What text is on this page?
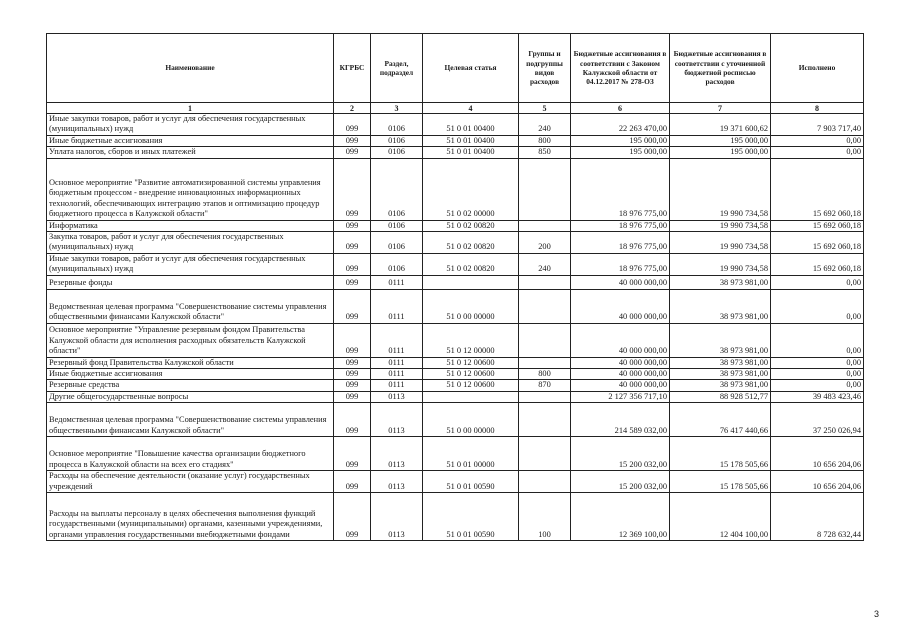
Наименование	КГРБС	Раздел, подраздел	Целевая статья	Группы и подгруппы видов расходов	Бюджетные ассигнования в соответствии с Законом Калужской области от 04.12.2017 № 278-ОЗ	Бюджетные ассигнования в соответствии с уточненной бюджетной росписью расходов	Исполнено
1	2	3	4	5	6	7	8
Иные закупки товаров, работ и услуг для обеспечения государственных (муниципальных) нужд	099	0106	51 0 01 00400	240	22 263 470,00	19 371 600,62	7 903 717,40
Иные бюджетные ассигнования	099	0106	51 0 01 00400	800	195 000,00	195 000,00	0,00
Уплата налогов, сборов и иных платежей	099	0106	51 0 01 00400	850	195 000,00	195 000,00	0,00
Основное мероприятие "Развитие автоматизированной системы управления бюджетным процессом - внедрение инновационных информационных технологий, обеспечивающих интеграцию этапов и оптимизацию процедур бюджетного процесса в Калужской области"	099	0106	51 0 02 00000		18 976 775,00	19 990 734,58	15 692 060,18
Информатика	099	0106	51 0 02 00820		18 976 775,00	19 990 734,58	15 692 060,18
Закупка товаров, работ и услуг для обеспечения государственных (муниципальных) нужд	099	0106	51 0 02 00820	200	18 976 775,00	19 990 734,58	15 692 060,18
Иные закупки товаров, работ и услуг для обеспечения государственных (муниципальных) нужд	099	0106	51 0 02 00820	240	18 976 775,00	19 990 734,58	15 692 060,18
Резервные фонды	099	0111			40 000 000,00	38 973 981,00	0,00
Ведомственная целевая программа "Совершенствование системы управления общественными финансами Калужской области"	099	0111	51 0 00 00000		40 000 000,00	38 973 981,00	0,00
Основное мероприятие "Управление резервным фондом Правительства Калужской области для исполнения расходных обязательств Калужской области"	099	0111	51 0 12 00000		40 000 000,00	38 973 981,00	0,00
Резервный фонд Правительства Калужской области	099	0111	51 0 12 00600		40 000 000,00	38 973 981,00	0,00
Иные бюджетные ассигнования	099	0111	51 0 12 00600	800	40 000 000,00	38 973 981,00	0,00
Резервные средства	099	0111	51 0 12 00600	870	40 000 000,00	38 973 981,00	0,00
Другие общегосударственные вопросы	099	0113			2 127 356 717,10	88 928 512,77	39 483 423,46
Ведомственная целевая программа "Совершенствование системы управления общественными финансами Калужской области"	099	0113	51 0 00 00000		214 589 032,00	76 417 440,66	37 250 026,94
Основное мероприятие "Повышение качества организации бюджетного процесса в Калужской области на всех его стадиях"	099	0113	51 0 01 00000		15 200 032,00	15 178 505,66	10 656 204,06
Расходы на обеспечение деятельности (оказание услуг) государственных учреждений	099	0113	51 0 01 00590		15 200 032,00	15 178 505,66	10 656 204,06
Расходы на выплаты персоналу в целях обеспечения выполнения функций государственными (муниципальными) органами, казенными учреждениями, органами управления государственными внебюджетными фондами	099	0113	51 0 01 00590	100	12 369 100,00	12 404 100,00	8 728 632,44
3
